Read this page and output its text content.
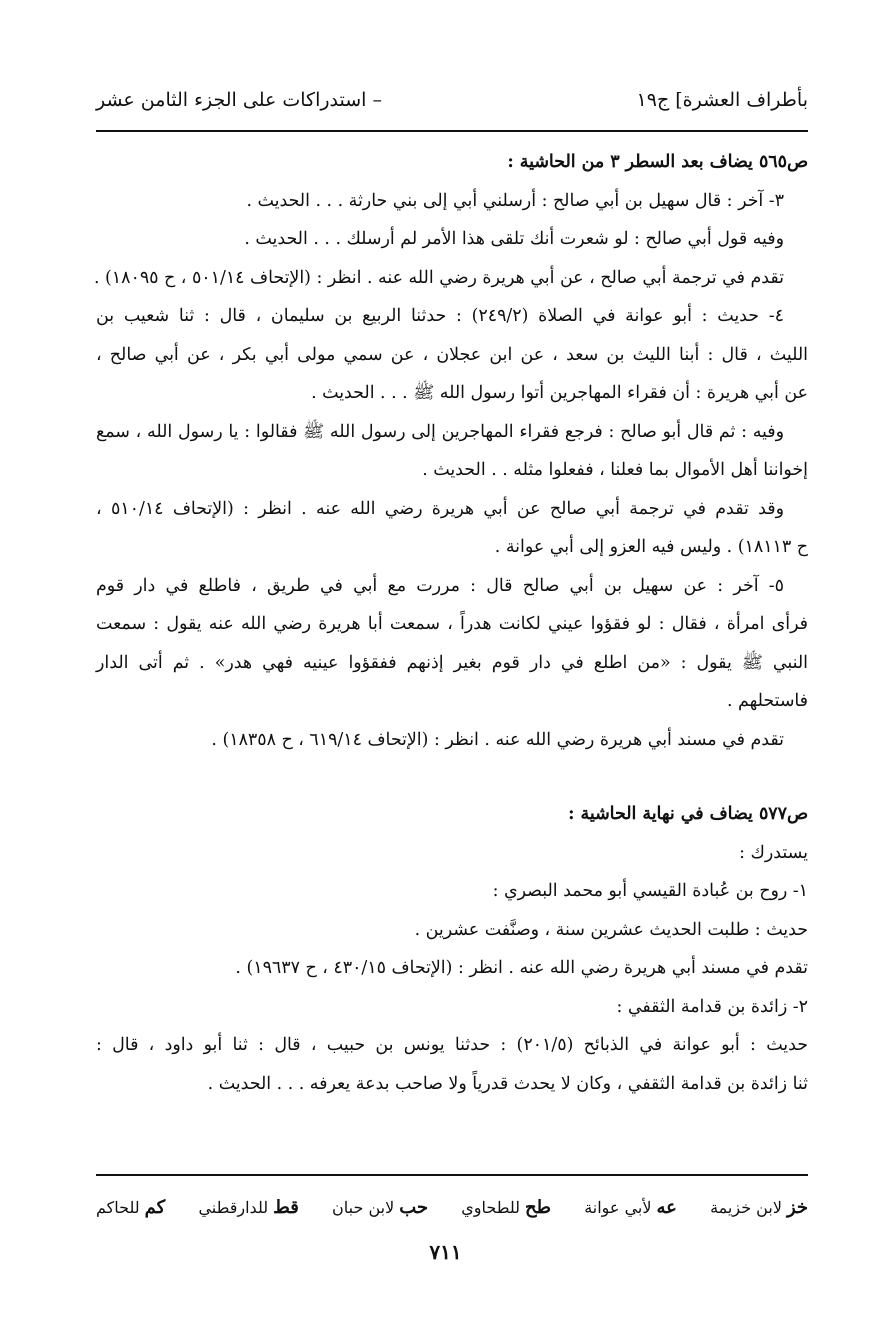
بأطراف العشرة] ج١٩
– استدراكات على الجزء الثامن عشر
ص٥٦٥ يضاف بعد السطر ٣ من الحاشية :
٣- آخر : قال سهيل بن أبي صالح : أرسلني أبي إلى بني حارثة . . . الحديث .
وفيه قول أبي صالح : لو شعرت أنك تلقى هذا الأمر لم أرسلك . . . الحديث .
تقدم في ترجمة أبي صالح ، عن أبي هريرة رضي الله عنه . انظر : (الإتحاف ٥٠١/١٤ ، ح ١٨٠٩٥) .
٤- حديث : أبو عوانة في الصلاة (٢٤٩/٢) : حدثنا الربيع بن سليمان ، قال : ثنا شعيب بن
الليث ، قال : أبنا الليث بن سعد ، عن ابن عجلان ، عن سمي مولى أبي بكر ، عن أبي صالح ،
عن أبي هريرة : أن فقراء المهاجرين أتوا رسول الله ﷺ . . . الحديث .
وفيه : ثم قال أبو صالح : فرجع فقراء المهاجرين إلى رسول الله ﷺ فقالوا : يا رسول الله ، سمع
إخواننا أهل الأموال بما فعلنا ، ففعلوا مثله . . الحديث .
وقد تقدم في ترجمة أبي صالح عن أبي هريرة رضي الله عنه . انظر : (الإتحاف ٥١٠/١٤ ،
ح ١٨١١٣) . وليس فيه العزو إلى أبي عوانة .
٥- آخر : عن سهيل بن أبي صالح قال : مررت مع أبي في طريق ، فاطلع في دار قوم
فرأى امرأة ، فقال : لو فقؤوا عيني لكانت هدراً ، سمعت أبا هريرة رضي الله عنه يقول : سمعت
النبي ﷺ يقول : «من اطلع في دار قوم بغير إذنهم ففقؤوا عينيه فهي هدر» . ثم أتى الدار
فاستحلهم .
تقدم في مسند أبي هريرة رضي الله عنه . انظر : (الإتحاف ٦١٩/١٤ ، ح ١٨٣٥٨) .
ص٥٧٧ يضاف في نهاية الحاشية :
يستدرك :
١- روح بن عُبادة القيسي أبو محمد البصري :
حديث : طلبت الحديث عشرين سنة ، وصنَّفت عشرين .
تقدم في مسند أبي هريرة رضي الله عنه . انظر : (الإتحاف ٤٣٠/١٥ ، ح ١٩٦٣٧) .
٢- زائدة بن قدامة الثقفي :
حديث : أبو عوانة في الذبائح (٢٠١/٥) : حدثنا يونس بن حبيب ، قال : ثنا أبو داود ، قال :
ثنا زائدة بن قدامة الثقفي ، وكان لا يحدث قدرياً ولا صاحب بدعة يعرفه . . . الحديث .
خز
لابن خزيمة
عه
لأبي عوانة
طح
للطحاوي
حب
لابن حبان
قط
للدارقطني
كم
للحاكم
٧١١
